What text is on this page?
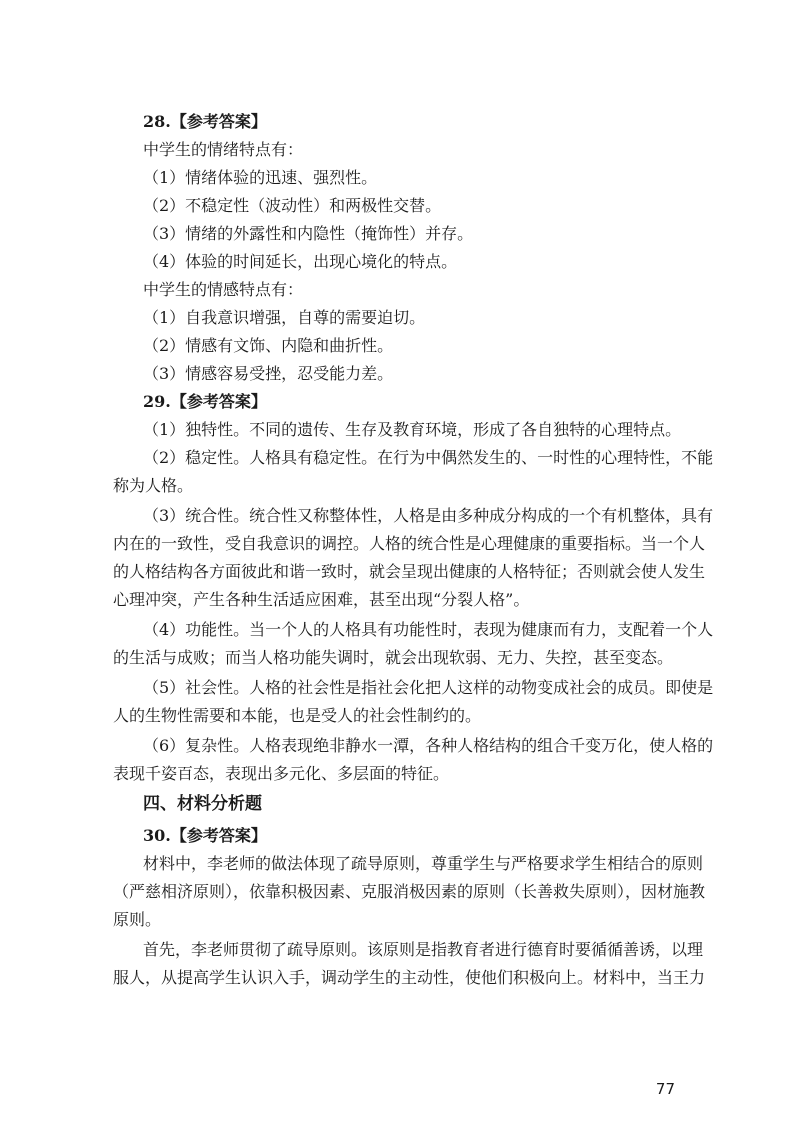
28.【参考答案】
中学生的情绪特点有：
（1）情绪体验的迅速、强烈性。
（2）不稳定性（波动性）和两极性交替。
（3）情绪的外露性和内隐性（掩饰性）并存。
（4）体验的时间延长，出现心境化的特点。
中学生的情感特点有：
（1）自我意识增强，自尊的需要迫切。
（2）情感有文饰、内隐和曲折性。
（3）情感容易受挫，忍受能力差。
29.【参考答案】
（1）独特性。不同的遗传、生存及教育环境，形成了各自独特的心理特点。
（2）稳定性。人格具有稳定性。在行为中偶然发生的、一时性的心理特性，不能
称为人格。
（3）统合性。统合性又称整体性，人格是由多种成分构成的一个有机整体，具有
内在的一致性，受自我意识的调控。人格的统合性是心理健康的重要指标。当一个人
的人格结构各方面彼此和谐一致时，就会呈现出健康的人格特征；否则就会使人发生
心理冲突，产生各种生活适应困难，甚至出现“分裂人格”。
（4）功能性。当一个人的人格具有功能性时，表现为健康而有力，支配着一个人
的生活与成败；而当人格功能失调时，就会出现软弱、无力、失控，甚至变态。
（5）社会性。人格的社会性是指社会化把人这样的动物变成社会的成员。即使是
人的生物性需要和本能，也是受人的社会性制约的。
（6）复杂性。人格表现绝非静水一潭，各种人格结构的组合千变万化，使人格的
表现千姿百态，表现出多元化、多层面的特征。
四、材料分析题
30.【参考答案】
材料中，李老师的做法体现了疏导原则，尊重学生与严格要求学生相结合的原则
（严慈相济原则），依靠积极因素、克服消极因素的原则（长善救失原则），因材施教
原则。
首先，李老师贯彻了疏导原则。该原则是指教育者进行德育时要循循善诱，以理
服人，从提高学生认识入手，调动学生的主动性，使他们积极向上。材料中，当王力
77
